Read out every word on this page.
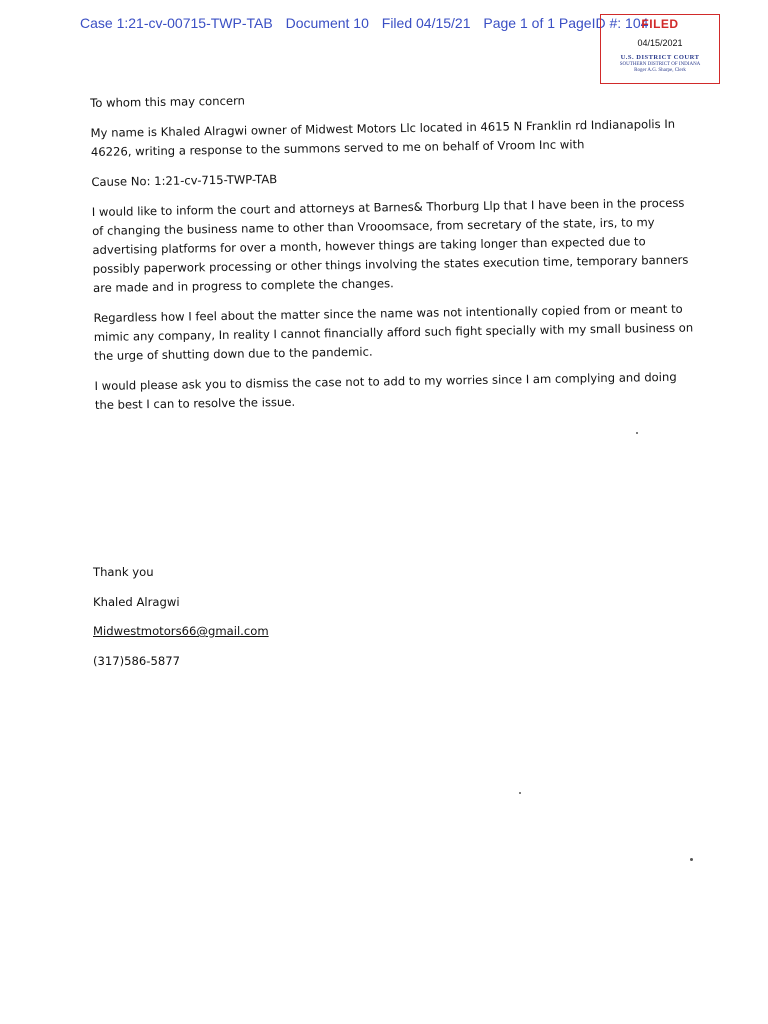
Case 1:21-cv-00715-TWP-TAB Document 10 Filed 04/15/21 Page 1 of 1 PageID #: 104
FILED
04/15/2021
U.S. DISTRICT COURT
SOUTHERN DISTRICT OF INDIANA
Roger A.G. Sharpe, Clerk

To whom this may concern

My name is Khaled Alragwi owner of Midwest Motors Llc located in 4615 N Franklin rd Indianapolis In 46226, writing a response to the summons served to me on behalf of Vroom Inc with

Cause No: 1:21-cv-715-TWP-TAB

I would like to inform the court and attorneys at Barnes& Thorburg Llp that I have been in the process of changing the business name to other than Vrooomsace, from secretary of the state, irs, to my advertising platforms for over a month, however things are taking longer than expected due to possibly paperwork processing or other things involving the states execution time, temporary banners are made and in progress to complete the changes.

Regardless how I feel about the matter since the name was not intentionally copied from or meant to mimic any company, In reality I cannot financially afford such fight specially with my small business on the urge of shutting down due to the pandemic.

I would please ask you to dismiss the case not to add to my worries since I am complying and doing the best I can to resolve the issue.

Thank you
Khaled Alragwi
Midwestmotors66@gmail.com
(317)586-5877
